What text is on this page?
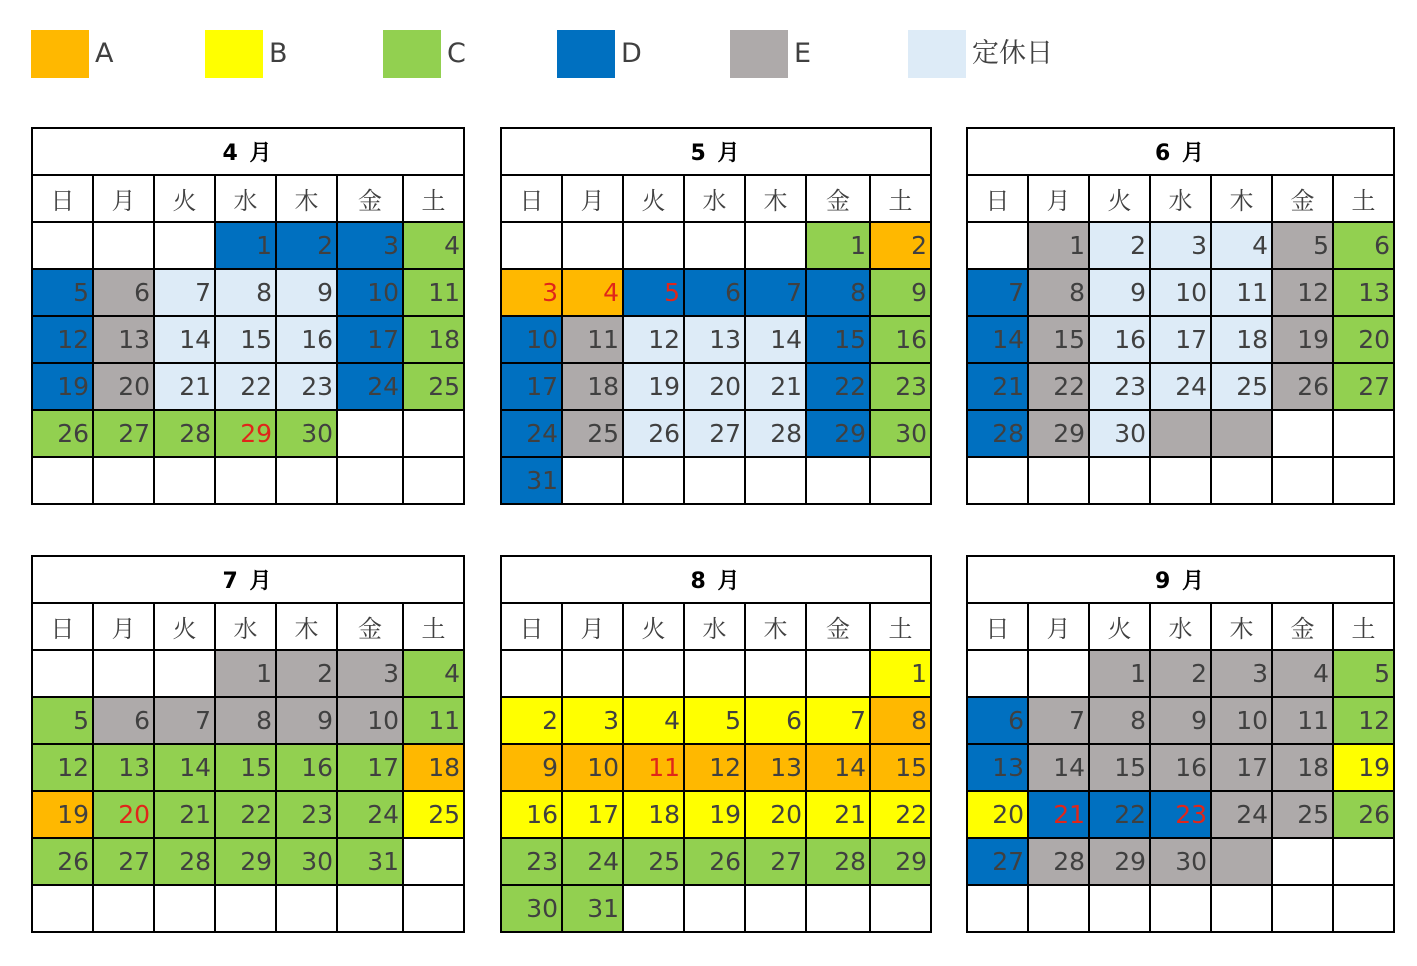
A	B	C	D	E	定休日
4 月						
日	月	火	水	木	金	土
			1	2	3	4
5	6	7	8	9	10	11
12	13	14	15	16	17	18
19	20	21	22	23	24	25
26	27	28	29	30		

5 月						
日	月	火	水	木	金	土
					1	2
3	4	5	6	7	8	9
10	11	12	13	14	15	16
17	18	19	20	21	22	23
24	25	26	27	28	29	30
31						
6 月						
日	月	火	水	木	金	土
	1	2	3	4	5	6
7	8	9	10	11	12	13
14	15	16	17	18	19	20
21	22	23	24	25	26	27
28	29	30				

7 月						
日	月	火	水	木	金	土
			1	2	3	4
5	6	7	8	9	10	11
12	13	14	15	16	17	18
19	20	21	22	23	24	25
26	27	28	29	30	31	

8 月						
日	月	火	水	木	金	土
						1
2	3	4	5	6	7	8
9	10	11	12	13	14	15
16	17	18	19	20	21	22
23	24	25	26	27	28	29
30	31					
9 月						
日	月	火	水	木	金	土
		1	2	3	4	5
6	7	8	9	10	11	12
13	14	15	16	17	18	19
20	21	22	23	24	25	26
27	28	29	30			
